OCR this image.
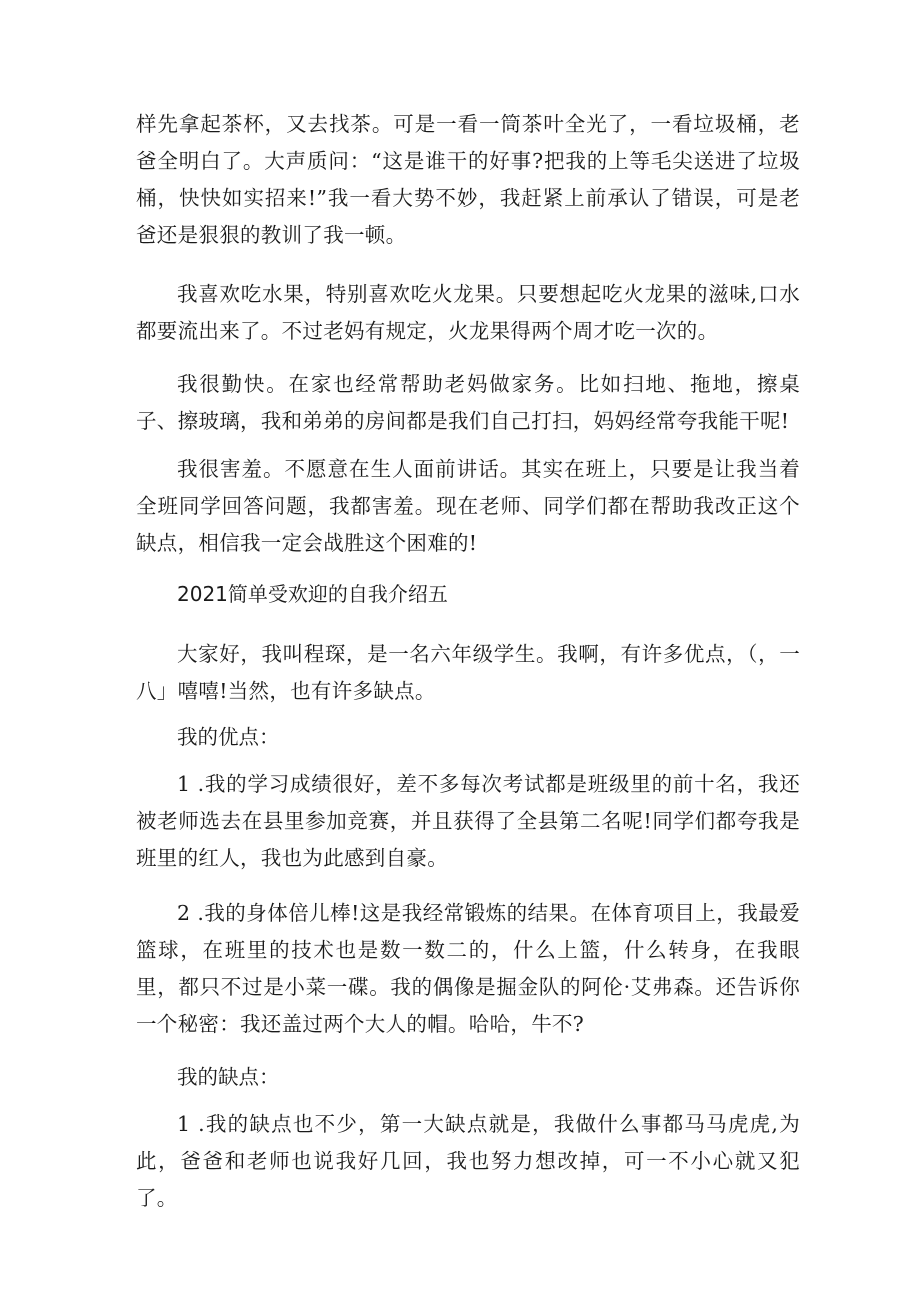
样先拿起茶杯，又去找茶。可是一看一筒茶叶全光了，一看垃圾桶，老爸全明白了。大声质问：“这是谁干的好事?把我的上等毛尖送进了垃圾桶，快快如实招来!”我一看大势不妙，我赶紧上前承认了错误，可是老爸还是狠狠的教训了我一顿。

我喜欢吃水果，特别喜欢吃火龙果。只要想起吃火龙果的滋味,口水都要流出来了。不过老妈有规定，火龙果得两个周才吃一次的。

我很勤快。在家也经常帮助老妈做家务。比如扫地、拖地，擦桌子、擦玻璃，我和弟弟的房间都是我们自己打扫，妈妈经常夸我能干呢!

我很害羞。不愿意在生人面前讲话。其实在班上，只要是让我当着全班同学回答问题，我都害羞。现在老师、同学们都在帮助我改正这个缺点，相信我一定会战胜这个困难的!

2021简单受欢迎的自我介绍五

大家好，我叫程琛，是一名六年级学生。我啊，有许多优点，（，一八」嘻嘻!当然，也有许多缺点。

我的优点：

1 .我的学习成绩很好，差不多每次考试都是班级里的前十名，我还被老师选去在县里参加竞赛，并且获得了全县第二名呢!同学们都夸我是班里的红人，我也为此感到自豪。

2 .我的身体倍儿棒!这是我经常锻炼的结果。在体育项目上，我最爱篮球，在班里的技术也是数一数二的，什么上篮，什么转身，在我眼里，都只不过是小菜一碟。我的偶像是掘金队的阿伦·艾弗森。还告诉你一个秘密：我还盖过两个大人的帽。哈哈，牛不?

我的缺点：

1 .我的缺点也不少，第一大缺点就是，我做什么事都马马虎虎,为此，爸爸和老师也说我好几回，我也努力想改掉，可一不小心就又犯了。
